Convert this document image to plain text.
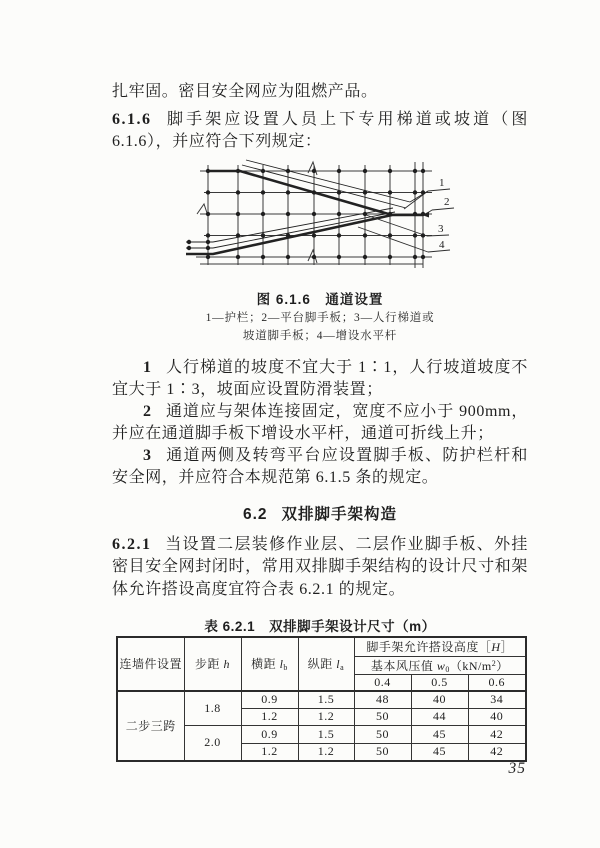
扎牢固。密目安全网应为阻燃产品。

6.1.6 脚手架应设置人员上下专用梯道或坡道（图 6.1.6），并应符合下列规定：

1
2
3
4

图 6.1.6　通道设置

1—护栏；2—平台脚手板；3—人行梯道或

坡道脚手板；4—增设水平杆

1 人行梯道的坡度不宜大于 1∶1，人行坡道坡度不宜大于 1∶3，坡面应设置防滑装置；

2 通道应与架体连接固定，宽度不应小于 900mm，并应在通道脚手板下增设水平杆，通道可折线上升；

3 通道两侧及转弯平台应设置脚手板、防护栏杆和安全网，并应符合本规范第 6.1.5 条的规定。

6.2 双排脚手架构造

6.2.1 当设置二层装修作业层、二层作业脚手板、外挂密目安全网封闭时，常用双排脚手架结构的设计尺寸和架体允许搭设高度宜符合表 6.2.1 的规定。

表 6.2.1　双排脚手架设计尺寸（m）

连墙件设置	步距 h	横距 $l_b$	纵距 $l_a$	脚手架允许搭设高度［H］		
				基本风压值 $w_0(kN/m^2)$		
				0.4	0.5	0.6
二步三跨	1.8	0.9	1.5	48	40	34
		1.2	1.2	50	44	40
	2.0	0.9	1.5	50	45	42
		1.2	1.2	50	45	42
35
